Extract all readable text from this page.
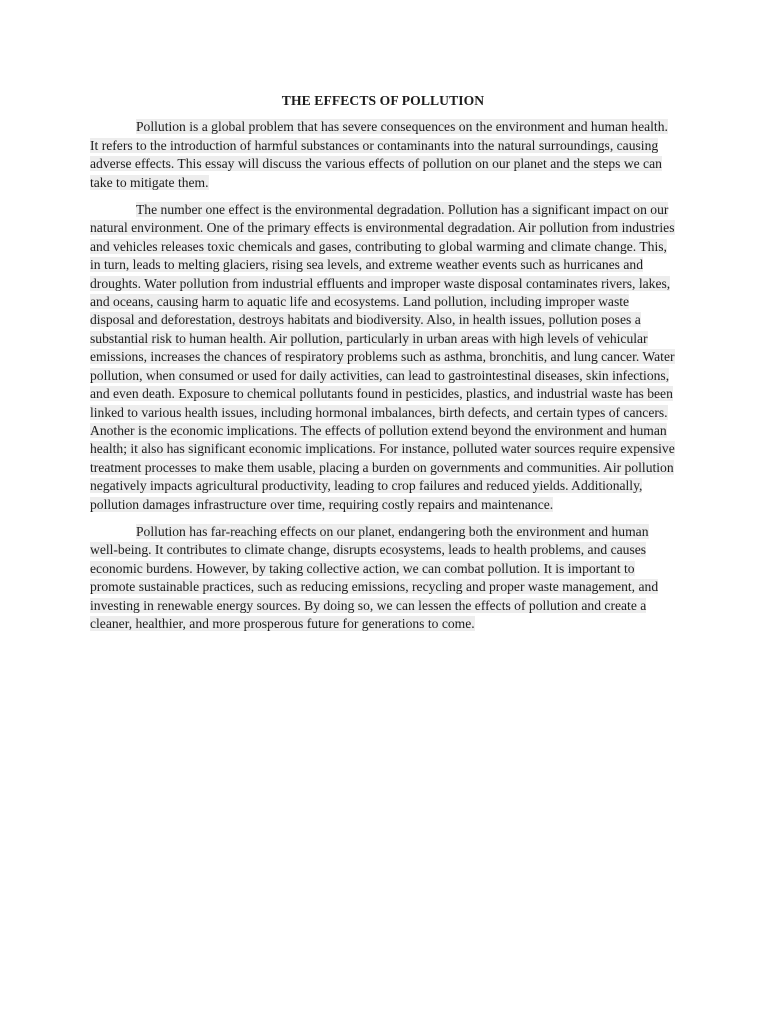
THE EFFECTS OF POLLUTION

Pollution is a global problem that has severe consequences on the environment and human health. It refers to the introduction of harmful substances or contaminants into the natural surroundings, causing adverse effects. This essay will discuss the various effects of pollution on our planet and the steps we can take to mitigate them.

The number one effect is the environmental degradation. Pollution has a significant impact on our natural environment. One of the primary effects is environmental degradation. Air pollution from industries and vehicles releases toxic chemicals and gases, contributing to global warming and climate change. This, in turn, leads to melting glaciers, rising sea levels, and extreme weather events such as hurricanes and droughts. Water pollution from industrial effluents and improper waste disposal contaminates rivers, lakes, and oceans, causing harm to aquatic life and ecosystems. Land pollution, including improper waste disposal and deforestation, destroys habitats and biodiversity. Also, in health issues, pollution poses a substantial risk to human health. Air pollution, particularly in urban areas with high levels of vehicular emissions, increases the chances of respiratory problems such as asthma, bronchitis, and lung cancer. Water pollution, when consumed or used for daily activities, can lead to gastrointestinal diseases, skin infections, and even death. Exposure to chemical pollutants found in pesticides, plastics, and industrial waste has been linked to various health issues, including hormonal imbalances, birth defects, and certain types of cancers. Another is the economic implications. The effects of pollution extend beyond the environment and human health; it also has significant economic implications. For instance, polluted water sources require expensive treatment processes to make them usable, placing a burden on governments and communities. Air pollution negatively impacts agricultural productivity, leading to crop failures and reduced yields. Additionally, pollution damages infrastructure over time, requiring costly repairs and maintenance.

Pollution has far-reaching effects on our planet, endangering both the environment and human well-being. It contributes to climate change, disrupts ecosystems, leads to health problems, and causes economic burdens. However, by taking collective action, we can combat pollution. It is important to promote sustainable practices, such as reducing emissions, recycling and proper waste management, and investing in renewable energy sources. By doing so, we can lessen the effects of pollution and create a cleaner, healthier, and more prosperous future for generations to come.
